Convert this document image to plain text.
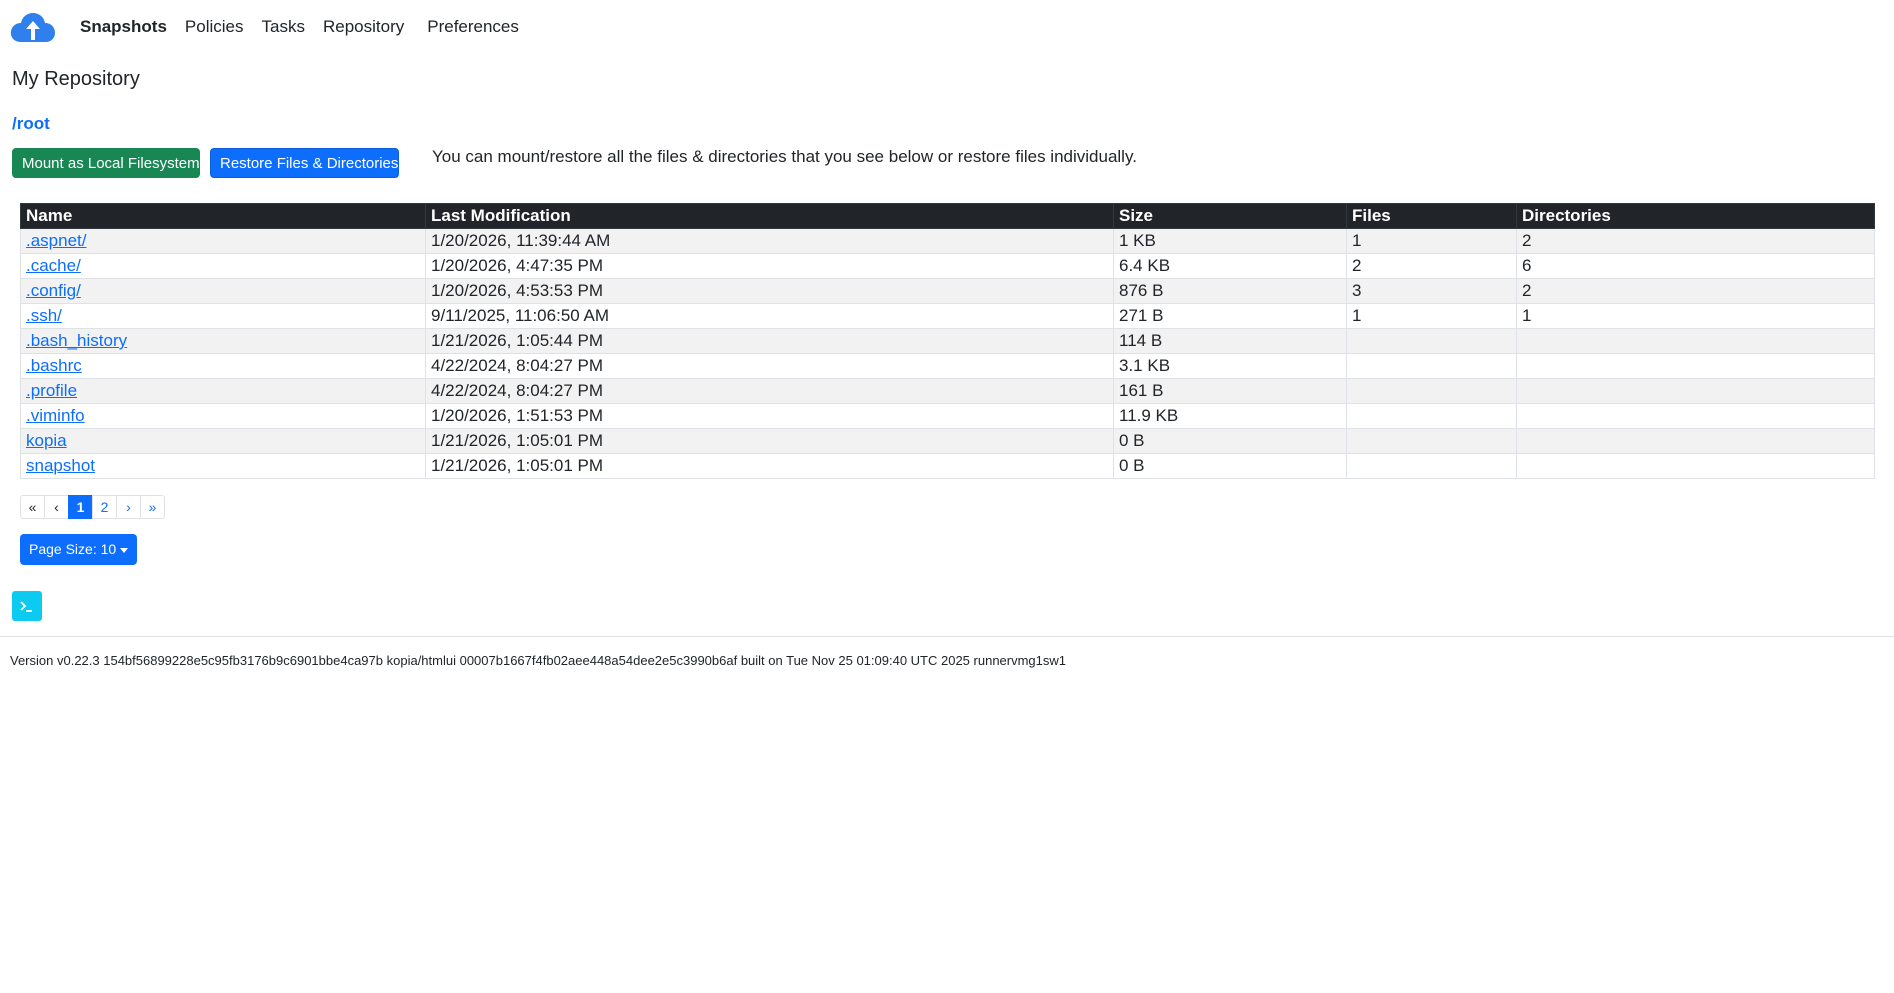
Snapshots Policies Tasks Repository Preferences
My Repository
/root
Mount as Local Filesystem	Restore Files & Directories You can mount/restore all the files & directories that you see below or restore files individually.
Name	Last Modification	Size	Files	Directories
.aspnet/	1/20/2026, 11:39:44 AM	1 KB	1	2
.cache/	1/20/2026, 4:47:35 PM	6.4 KB	2	6
.config/	1/20/2026, 4:53:53 PM	876 B	3	2
.ssh/	9/11/2025, 11:06:50 AM	271 B	1	1
.bash_history	1/21/2026, 1:05:44 PM	114 B		
.bashrc	4/22/2024, 8:04:27 PM	3.1 KB		
.profile	4/22/2024, 8:04:27 PM	161 B		
.viminfo	1/20/2026, 1:51:53 PM	11.9 KB		
kopia	1/21/2026, 1:05:01 PM	0 B		
snapshot	1/21/2026, 1:05:01 PM	0 B		
«	‹	1	2	›	»
Page Size: 10
Version v0.22.3 154bf56899228e5c95fb3176b9c6901bbe4ca97b kopia/htmlui 00007b1667f4fb02aee448a54dee2e5c3990b6af built on Tue Nov 25 01:09:40 UTC 2025 runnervmg1sw1
